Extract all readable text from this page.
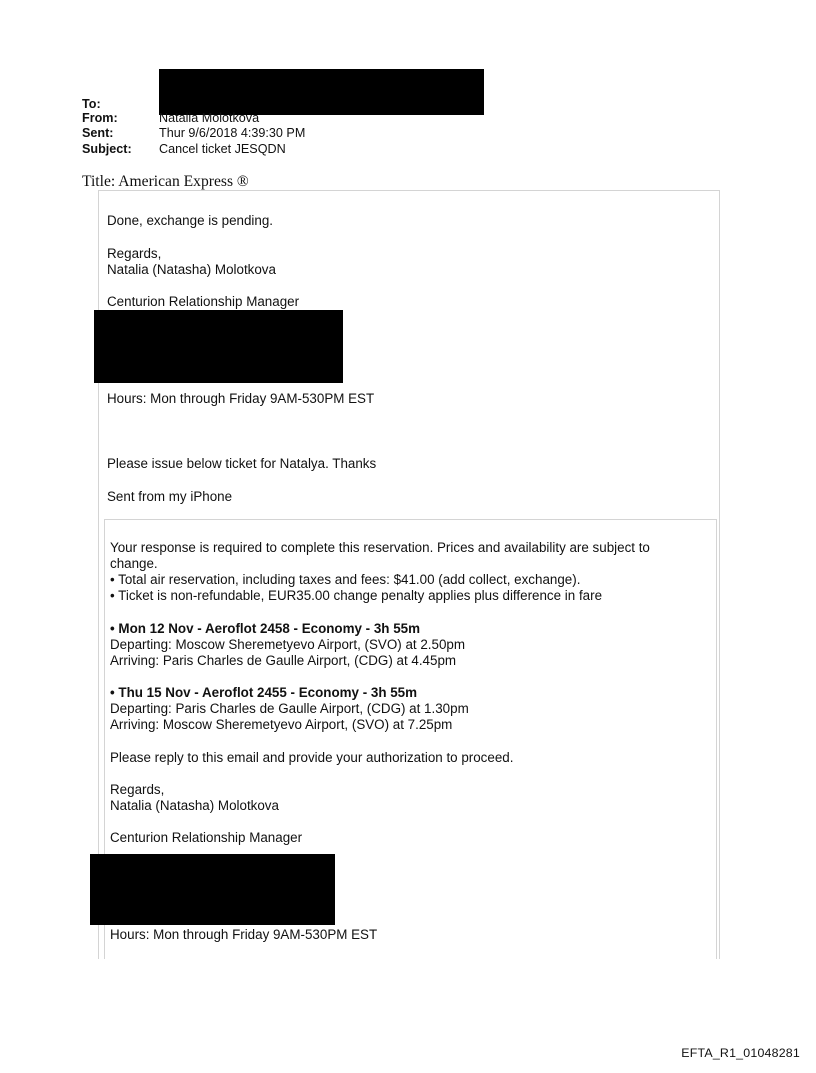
To:
From:	Natalia Molotkova
Sent:	Thur 9/6/2018 4:39:30 PM
Subject: Cancel ticket JESQDN
Title: American Express ®
Done, exchange is pending.
Regards,
Natalia (Natasha) Molotkova
Centurion Relationship Manager
Hours: Mon through Friday 9AM-530PM EST
Please issue below ticket for Natalya. Thanks
Sent from my iPhone
Your response is required to complete this reservation. Prices and availability are subject to
change.
• Total air reservation, including taxes and fees: $41.00 (add collect, exchange).
• Ticket is non-refundable, EUR35.00 change penalty applies plus difference in fare
• Mon 12 Nov - Aeroflot 2458 - Economy - 3h 55m
Departing: Moscow Sheremetyevo Airport, (SVO) at 2.50pm
Arriving: Paris Charles de Gaulle Airport, (CDG) at 4.45pm
• Thu 15 Nov - Aeroflot 2455 - Economy - 3h 55m
Departing: Paris Charles de Gaulle Airport, (CDG) at 1.30pm
Arriving: Moscow Sheremetyevo Airport, (SVO) at 7.25pm
Please reply to this email and provide your authorization to proceed.
Regards,
Natalia (Natasha) Molotkova
Centurion Relationship Manager
Hours: Mon through Friday 9AM-530PM EST
EFTA_R1_01048281
